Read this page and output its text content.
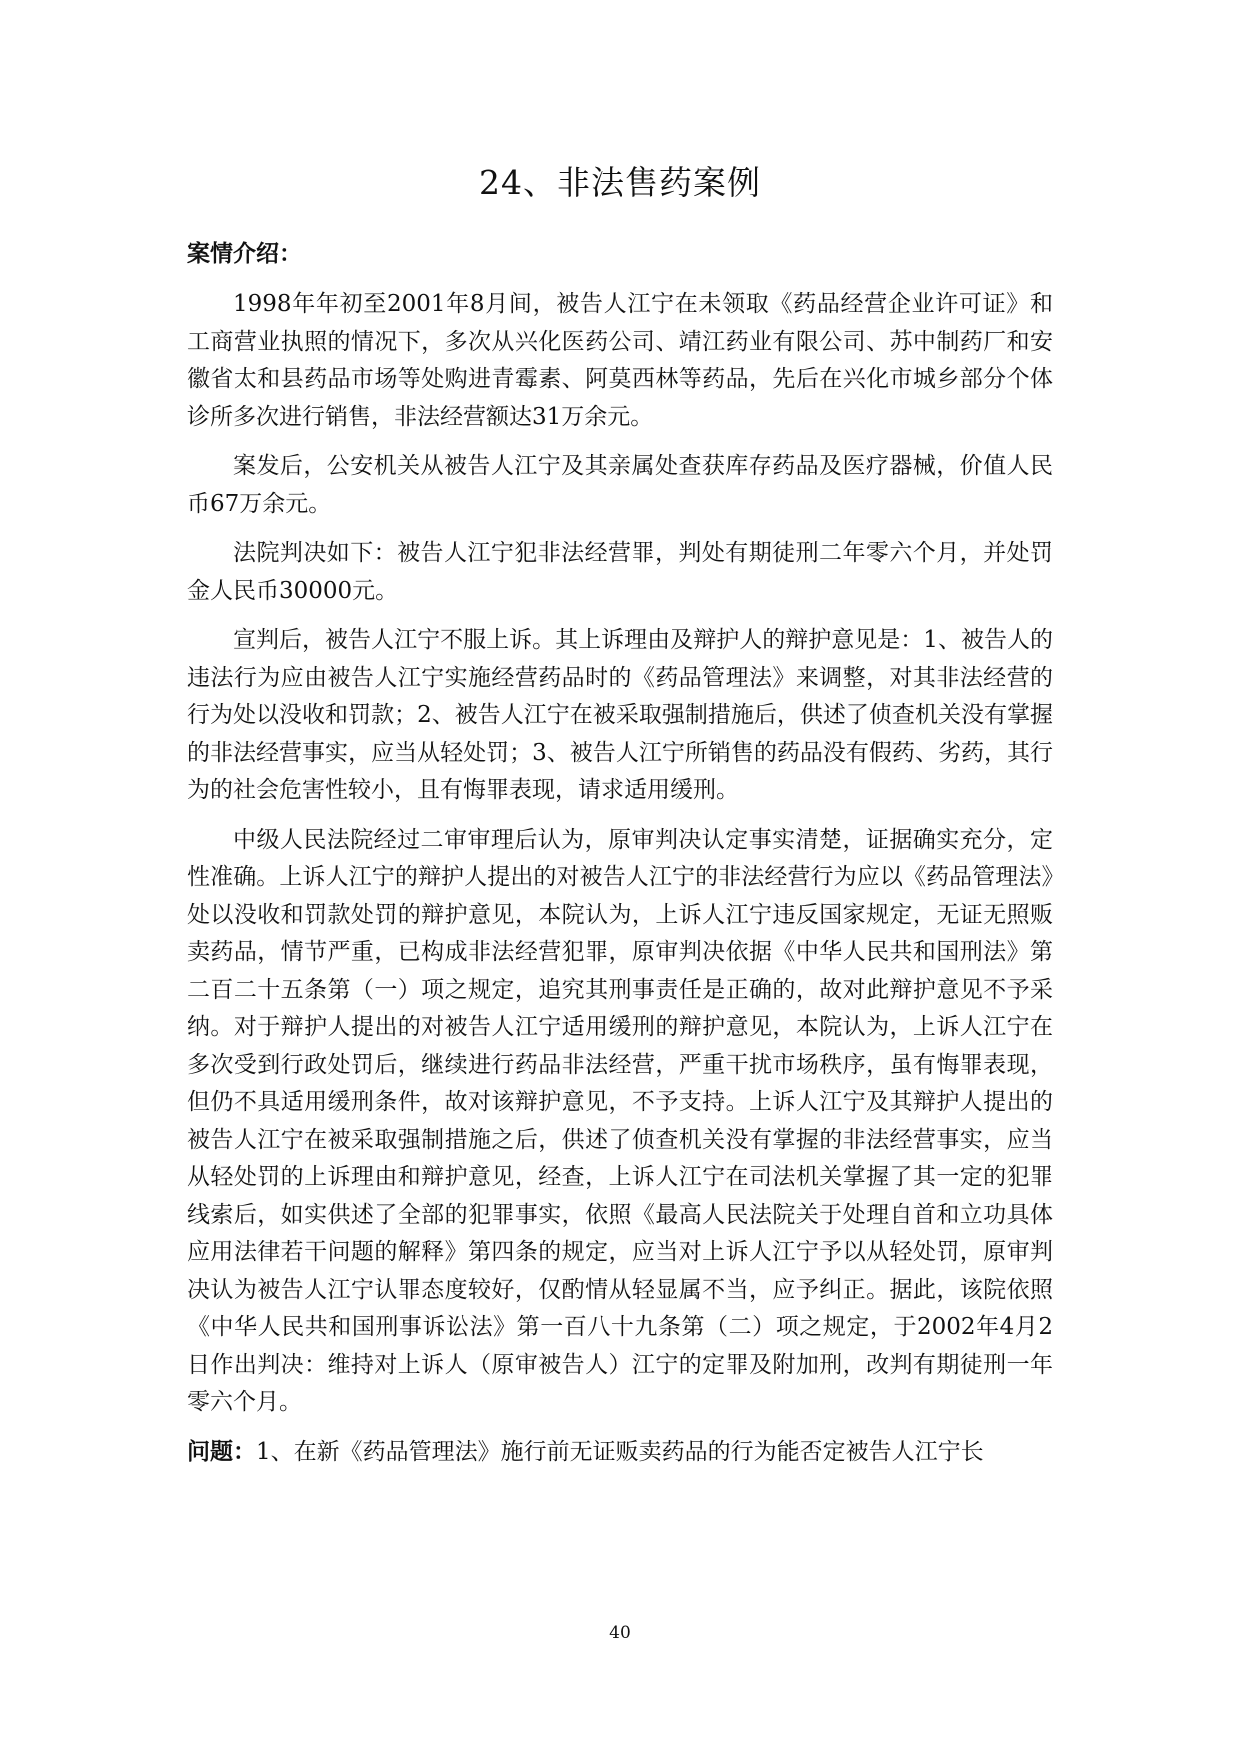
24、非法售药案例
案情介绍：

1998年年初至2001年8月间，被告人江宁在未领取《药品经营企业许可证》和工商营业执照的情况下，多次从兴化医药公司、靖江药业有限公司、苏中制药厂和安徽省太和县药品市场等处购进青霉素、阿莫西林等药品，先后在兴化市城乡部分个体诊所多次进行销售，非法经营额达31万余元。

案发后，公安机关从被告人江宁及其亲属处查获库存药品及医疗器械，价值人民币67万余元。

法院判决如下：被告人江宁犯非法经营罪，判处有期徒刑二年零六个月，并处罚金人民币30000元。

宣判后，被告人江宁不服上诉。其上诉理由及辩护人的辩护意见是：1、被告人的违法行为应由被告人江宁实施经营药品时的《药品管理法》来调整，对其非法经营的行为处以没收和罚款；2、被告人江宁在被采取强制措施后，供述了侦查机关没有掌握的非法经营事实，应当从轻处罚；3、被告人江宁所销售的药品没有假药、劣药，其行为的社会危害性较小，且有悔罪表现，请求适用缓刑。

中级人民法院经过二审审理后认为，原审判决认定事实清楚，证据确实充分，定性准确。上诉人江宁的辩护人提出的对被告人江宁的非法经营行为应以《药品管理法》处以没收和罚款处罚的辩护意见，本院认为，上诉人江宁违反国家规定，无证无照贩卖药品，情节严重，已构成非法经营犯罪，原审判决依据《中华人民共和国刑法》第二百二十五条第（一）项之规定，追究其刑事责任是正确的，故对此辩护意见不予采纳。对于辩护人提出的对被告人江宁适用缓刑的辩护意见，本院认为，上诉人江宁在多次受到行政处罚后，继续进行药品非法经营，严重干扰市场秩序，虽有悔罪表现，但仍不具适用缓刑条件，故对该辩护意见，不予支持。上诉人江宁及其辩护人提出的被告人江宁在被采取强制措施之后，供述了侦查机关没有掌握的非法经营事实，应当从轻处罚的上诉理由和辩护意见，经查，上诉人江宁在司法机关掌握了其一定的犯罪线索后，如实供述了全部的犯罪事实，依照《最高人民法院关于处理自首和立功具体应用法律若干问题的解释》第四条的规定，应当对上诉人江宁予以从轻处罚，原审判决认为被告人江宁认罪态度较好，仅酌情从轻显属不当，应予纠正。据此，该院依照《中华人民共和国刑事诉讼法》第一百八十九条第（二）项之规定，于2002年4月2日作出判决：维持对上诉人（原审被告人）江宁的定罪及附加刑，改判有期徒刑一年零六个月。

问题：1、在新《药品管理法》施行前无证贩卖药品的行为能否定被告人江宁长

40
